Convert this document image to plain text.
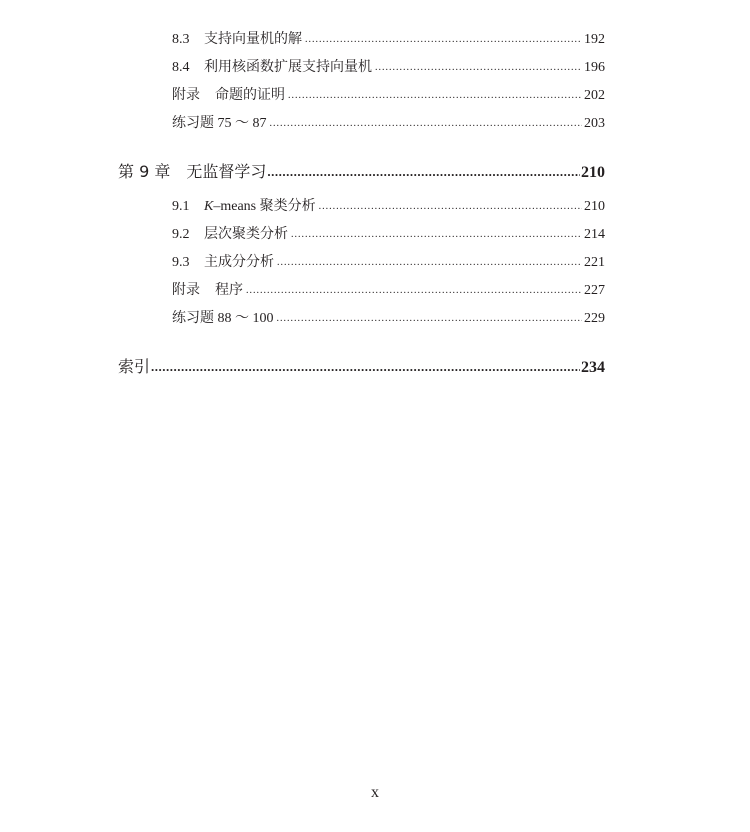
8.3	支持向量机的解 .....	192
8.4	利用核函数扩展支持向量机 .....	196
附录	命题的证明 .....	202
练习题 75 ～ 87 .....	203
第 9 章　无监督学习 .....	210
9.1	K–means 聚类分析 .....	210
9.2	层次聚类分析 .....	214
9.3	主成分分析 .....	221
附录	程序 .....	227
练习题 88 ～ 100 .....	229
索引 .....	234
x
